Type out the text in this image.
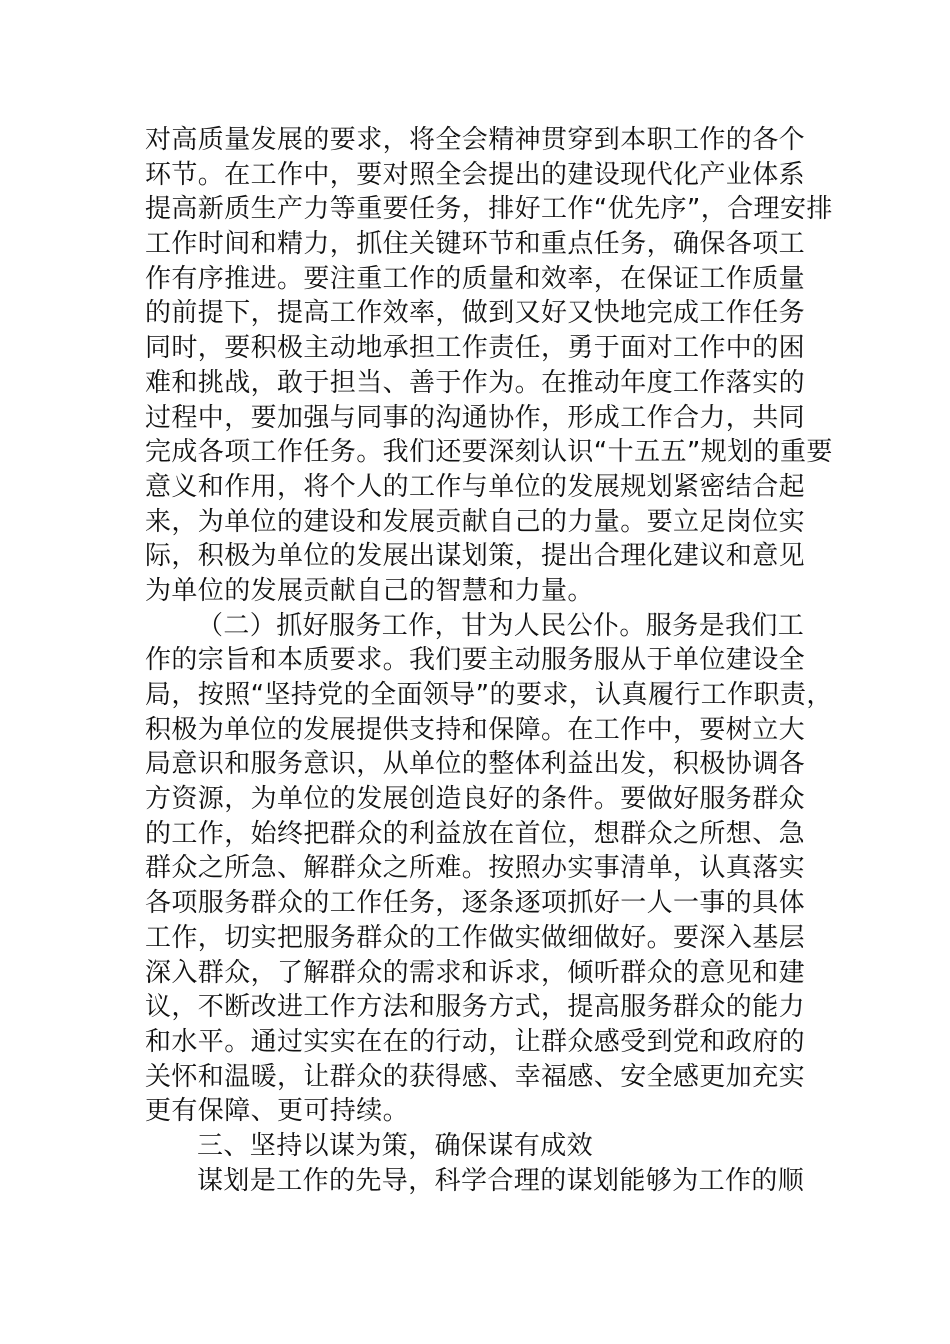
对高质量发展的要求，将全会精神贯穿到本职工作的各个
环节。在工作中，要对照全会提出的建设现代化产业体系
提高新质生产力等重要任务，排好工作“优先序”，合理安排
工作时间和精力，抓住关键环节和重点任务，确保各项工
作有序推进。要注重工作的质量和效率，在保证工作质量
的前提下，提高工作效率，做到又好又快地完成工作任务
同时，要积极主动地承担工作责任，勇于面对工作中的困
难和挑战，敢于担当、善于作为。在推动年度工作落实的
过程中，要加强与同事的沟通协作，形成工作合力，共同
完成各项工作任务。我们还要深刻认识“十五五”规划的重要
意义和作用，将个人的工作与单位的发展规划紧密结合起
来，为单位的建设和发展贡献自己的力量。要立足岗位实
际，积极为单位的发展出谋划策，提出合理化建议和意见
为单位的发展贡献自己的智慧和力量。
（二）抓好服务工作，甘为人民公仆。服务是我们工
作的宗旨和本质要求。我们要主动服务服从于单位建设全
局，按照“坚持党的全面领导”的要求，认真履行工作职责，
积极为单位的发展提供支持和保障。在工作中，要树立大
局意识和服务意识，从单位的整体利益出发，积极协调各
方资源，为单位的发展创造良好的条件。要做好服务群众
的工作，始终把群众的利益放在首位，想群众之所想、急
群众之所急、解群众之所难。按照办实事清单，认真落实
各项服务群众的工作任务，逐条逐项抓好一人一事的具体
工作，切实把服务群众的工作做实做细做好。要深入基层
深入群众，了解群众的需求和诉求，倾听群众的意见和建
议，不断改进工作方法和服务方式，提高服务群众的能力
和水平。通过实实在在的行动，让群众感受到党和政府的
关怀和温暖，让群众的获得感、幸福感、安全感更加充实
更有保障、更可持续。
三、坚持以谋为策，确保谋有成效
谋划是工作的先导，科学合理的谋划能够为工作的顺
